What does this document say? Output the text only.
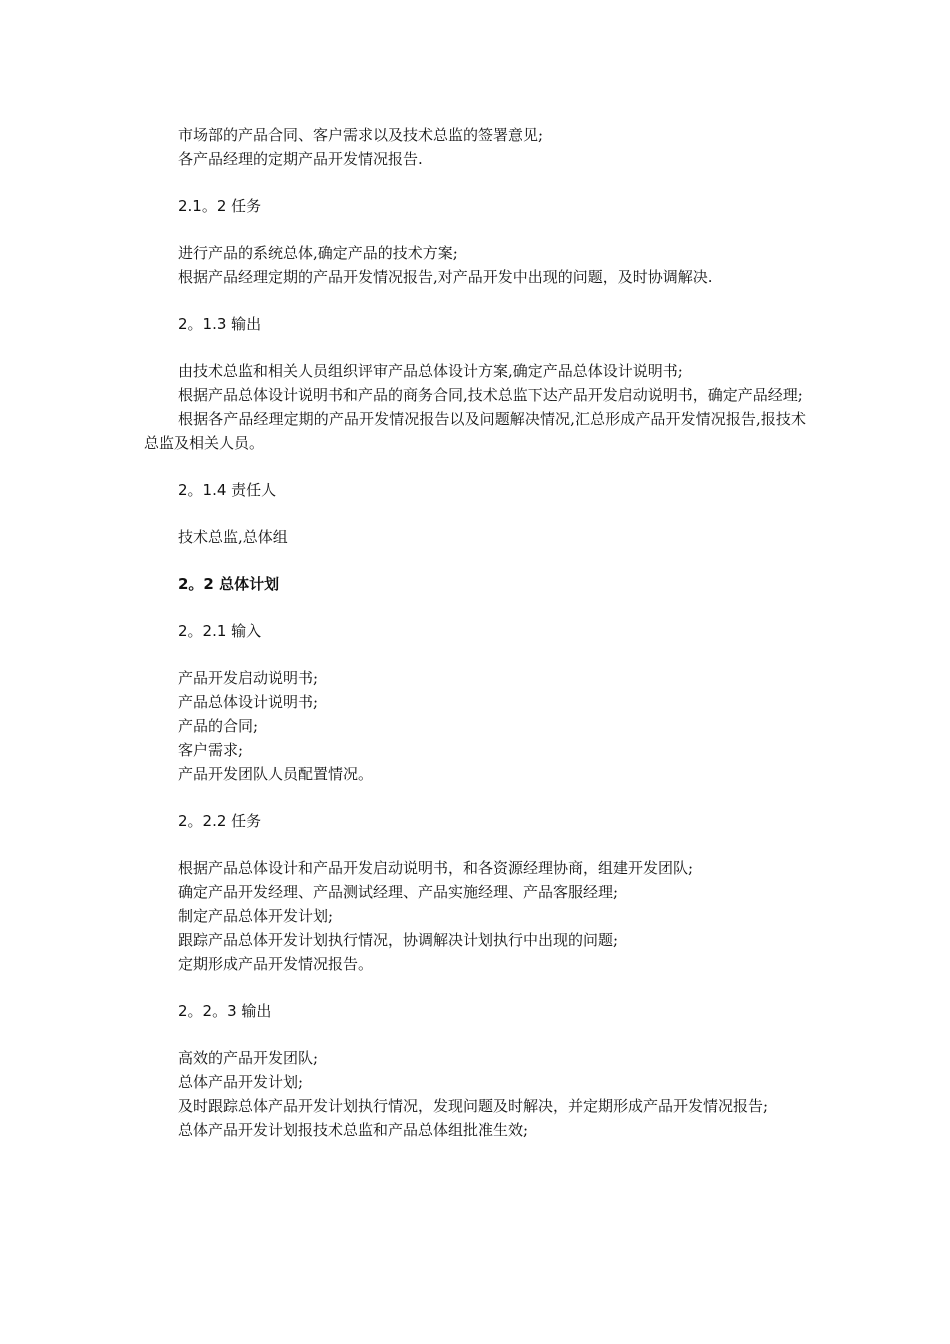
市场部的产品合同、客户需求以及技术总监的签署意见;

各产品经理的定期产品开发情况报告.

2.1。2 任务

进行产品的系统总体,确定产品的技术方案;

根据产品经理定期的产品开发情况报告,对产品开发中出现的问题，及时协调解决.

2。1.3 输出

由技术总监和相关人员组织评审产品总体设计方案,确定产品总体设计说明书;

根据产品总体设计说明书和产品的商务合同,技术总监下达产品开发启动说明书，确定产品经理;

根据各产品经理定期的产品开发情况报告以及问题解决情况,汇总形成产品开发情况报告,报技术总监及相关人员。

2。1.4 责任人

技术总监,总体组

2。2 总体计划

2。2.1 输入

产品开发启动说明书;

产品总体设计说明书;

产品的合同;

客户需求;

产品开发团队人员配置情况。

2。2.2 任务

根据产品总体设计和产品开发启动说明书，和各资源经理协商，组建开发团队;

确定产品开发经理、产品测试经理、产品实施经理、产品客服经理;

制定产品总体开发计划;

跟踪产品总体开发计划执行情况，协调解决计划执行中出现的问题;

定期形成产品开发情况报告。

2。2。3 输出

高效的产品开发团队;

总体产品开发计划;

及时跟踪总体产品开发计划执行情况，发现问题及时解决，并定期形成产品开发情况报告;

总体产品开发计划报技术总监和产品总体组批准生效;
